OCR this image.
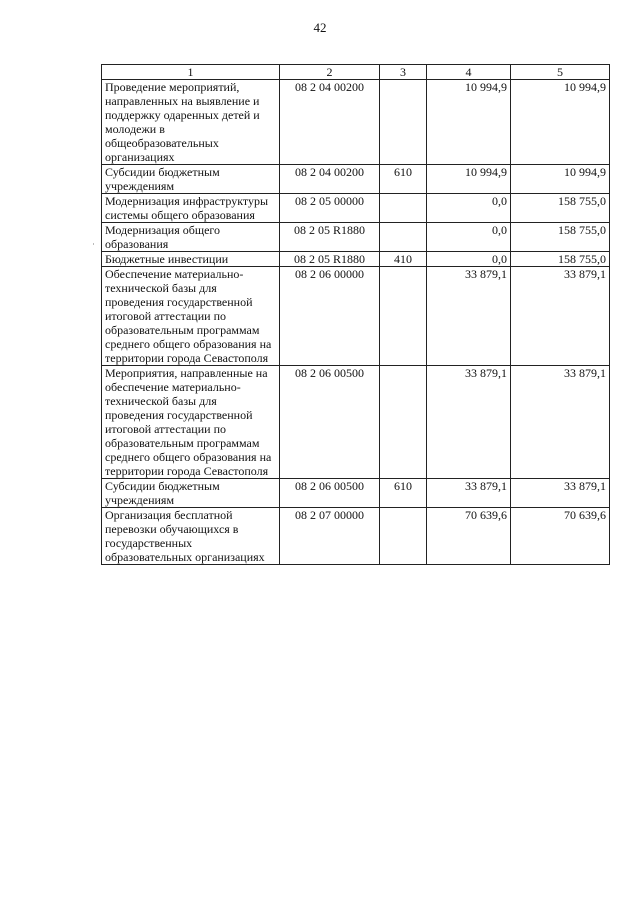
42
1	2	3	4	5
Проведение мероприятий, направленных на выявление и поддержку одаренных детей и молодежи в общеобразовательных организациях	08 2 04 00200		10 994,9	10 994,9
Субсидии бюджетным учреждениям	08 2 04 00200	610	10 994,9	10 994,9
Модернизация инфраструктуры системы общего образования	08 2 05 00000		0,0	158 755,0
Модернизация общего образования	08 2 05 R1880		0,0	158 755,0
Бюджетные инвестиции	08 2 05 R1880	410	0,0	158 755,0
Обеспечение материально-технической базы для проведения государственной итоговой аттестации по образовательным программам среднего общего образования на территории города Севастополя	08 2 06 00000		33 879,1	33 879,1
Мероприятия, направленные на обеспечение материально-технической базы для проведения государственной итоговой аттестации по образовательным программам среднего общего образования на территории города Севастополя	08 2 06 00500		33 879,1	33 879,1
Субсидии бюджетным учреждениям	08 2 06 00500	610	33 879,1	33 879,1
Организация бесплатной перевозки обучающихся в государственных образовательных организациях	08 2 07 00000		70 639,6	70 639,6
